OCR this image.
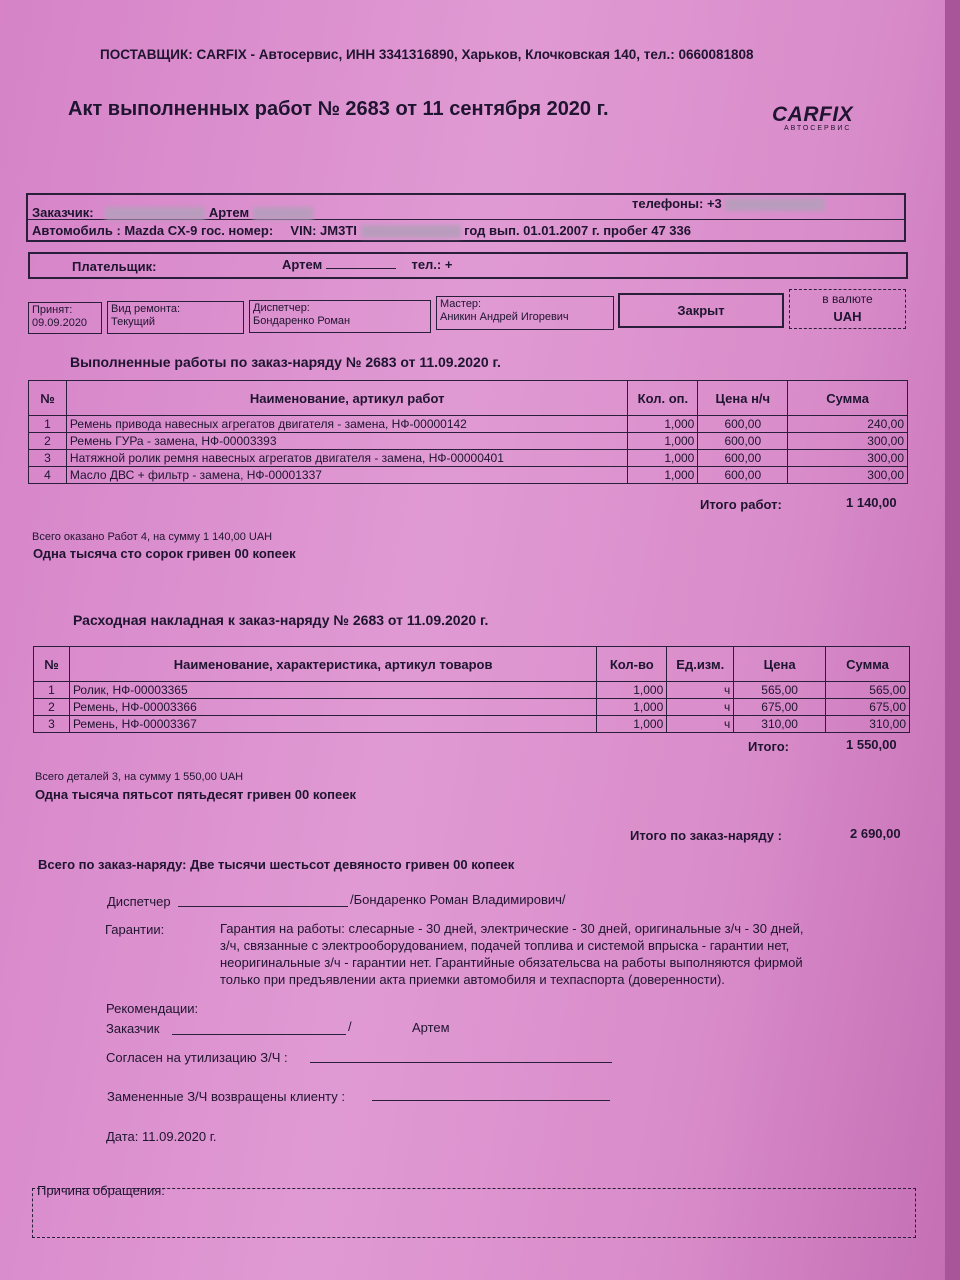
ПОСТАВЩИК: CARFIX - Автосервис, ИНН 3341316890, Харьков, Клочковская 140, тел.: 0660081808
Акт выполненных работ № 2683 от 11 сентября 2020 г.	CARFIX
АВТОСЕРВИС
Заказчик:	Артем
телефоны: +3
Автомобиль : Mazda CX-9 гос. номер: VIN: JM3TI	год вып. 01.01.2007 г. пробег 47 336
Плательщик:	Артем	тел.: +
Принят:
09.09.2020
Вид ремонта:
Текущий
Диспетчер:
Бондаренко Роман
Мастер:
Аникин Андрей Игоревич	Закрыт
в валюте
UAH
Выполненные работы по заказ-наряду № 2683 от 11.09.2020 г.
№	Наименование, артикул работ	Кол. оп.	Цена н/ч	Сумма
1	Ремень привода навесных агрегатов двигателя - замена, НФ-00000142	1,000	600,00	240,00
2	Ремень ГУРа - замена, НФ-00003393	1,000	600,00	300,00
3	Натяжной ролик ремня навесных агрегатов двигателя - замена, НФ-00000401	1,000	600,00	300,00
4	Масло ДВС + фильтр - замена, НФ-00001337	1,000	600,00	300,00
Итого работ:	1 140,00
Всего оказано Работ 4, на сумму 1 140,00 UAH
Одна тысяча сто сорок гривен 00 копеек
Расходная накладная к заказ-наряду № 2683 от 11.09.2020 г.
№	Наименование, характеристика, артикул товаров	Кол-во	Ед.изм.	Цена	Сумма
1	Ролик, НФ-00003365	1,000	ч	565,00	565,00
2	Ремень, НФ-00003366	1,000	ч	675,00	675,00
3	Ремень, НФ-00003367	1,000	ч	310,00	310,00
Итого:	1 550,00
Всего деталей 3, на сумму 1 550,00 UAH
Одна тысяча пятьсот пятьдесят гривен 00 копеек
Итого по заказ-наряду :	2 690,00
Всего по заказ-наряду: Две тысячи шестьсот девяносто гривен 00 копеек
Диспетчер	/Бондаренко Роман Владимирович/
Гарантии:	Гарантия на работы: слесарные - 30 дней, электрические - 30 дней, оригинальные з/ч - 30 дней,
з/ч, связанные с электрооборудованием, подачей топлива и системой впрыска - гарантии нет,
неоригинальные з/ч - гарантии нет. Гарантийные обязательсва на работы выполняются фирмой
только при предъявлении акта приемки автомобиля и техпаспорта (доверенности).
Рекомендации:
Заказчик	/	Артем
Согласен на утилизацию З/Ч :
Замененные З/Ч возвращены клиенту :
Дата: 11.09.2020 г.
Причина обращения:
